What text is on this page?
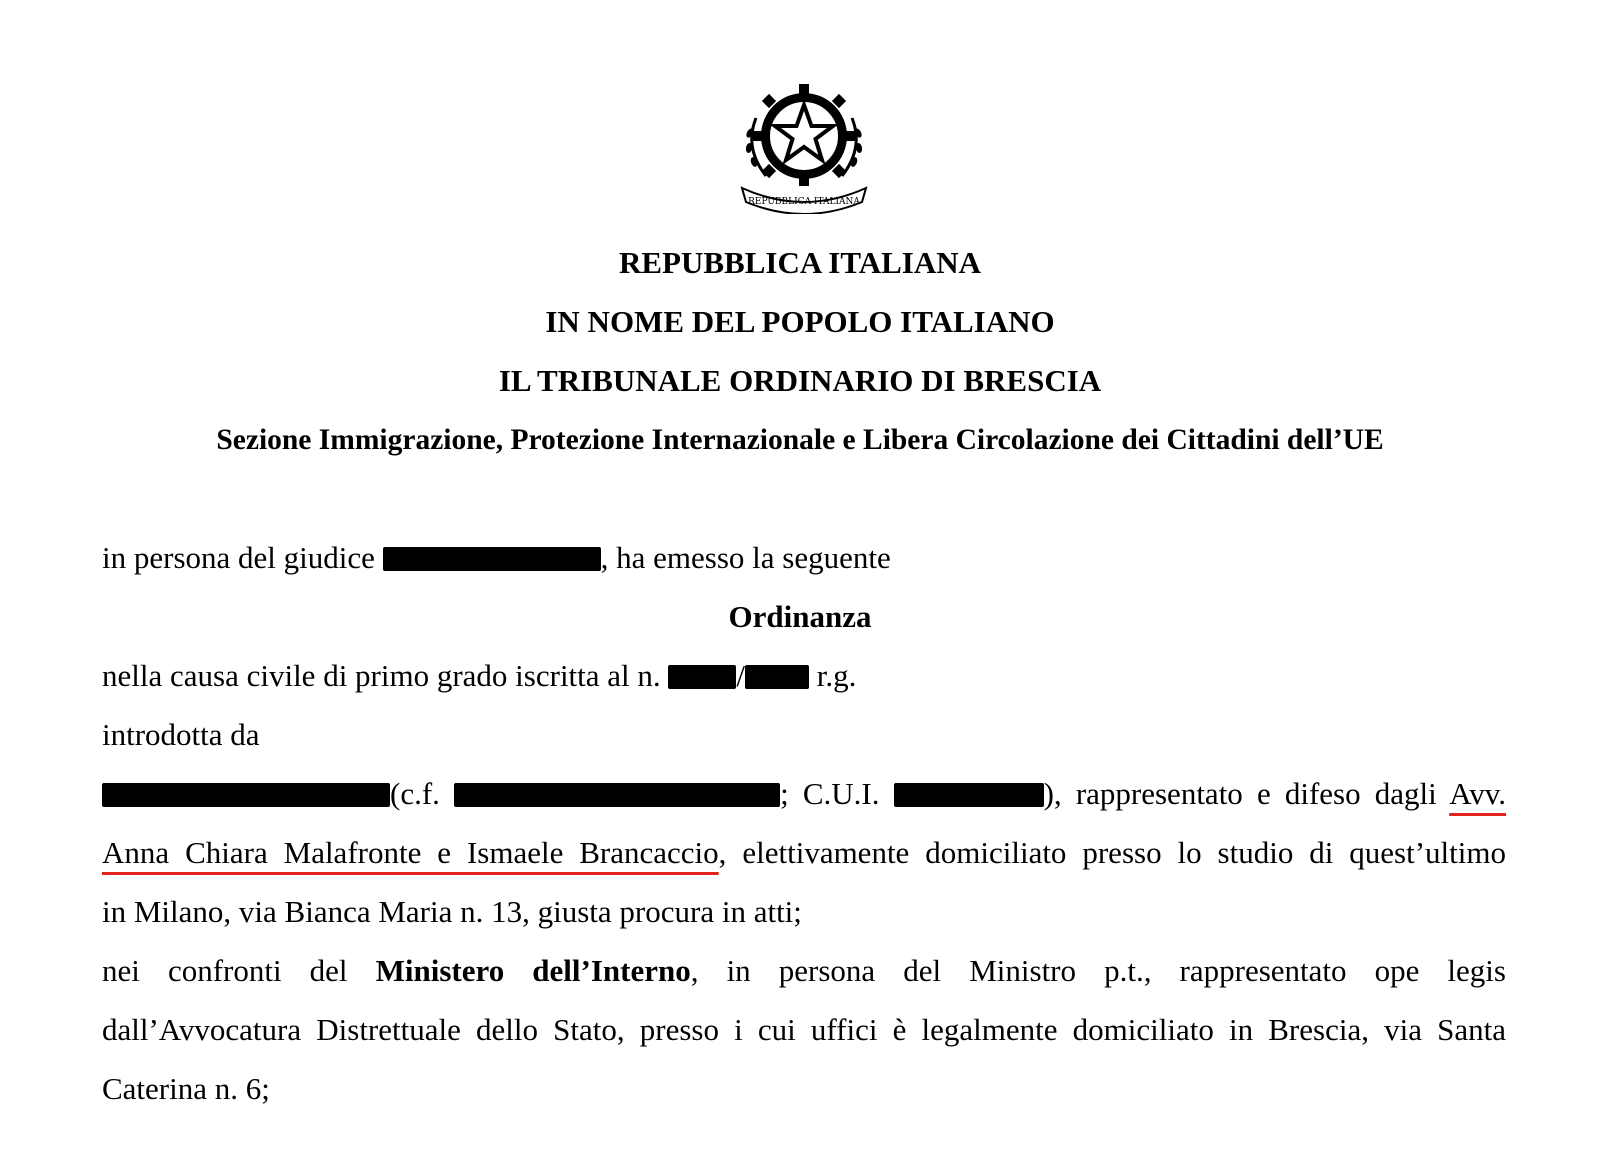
REPUBBLICA ITALIANA
REPUBBLICA ITALIANA
IN NOME DEL POPOLO ITALIANO
IL TRIBUNALE ORDINARIO DI BRESCIA
Sezione Immigrazione, Protezione Internazionale e Libera Circolazione dei Cittadini dell’UE
in persona del giudice	, ha emesso la seguente
Ordinanza
nella causa civile di primo grado iscritta al n. / r.g.
introdotta da
(c.f.	; C.U.I.	), rappresentato e difeso dagli Avv.
Anna Chiara Malafronte e Ismaele Brancaccio, elettivamente domiciliato presso lo studio di quest’ultimo
in Milano, via Bianca Maria n. 13, giusta procura in atti;
nei confronti del Ministero dell’Interno, in persona del Ministro p.t., rappresentato ope legis
dall’Avvocatura Distrettuale dello Stato, presso i cui uffici è legalmente domiciliato in Brescia, via Santa
Caterina n. 6;
